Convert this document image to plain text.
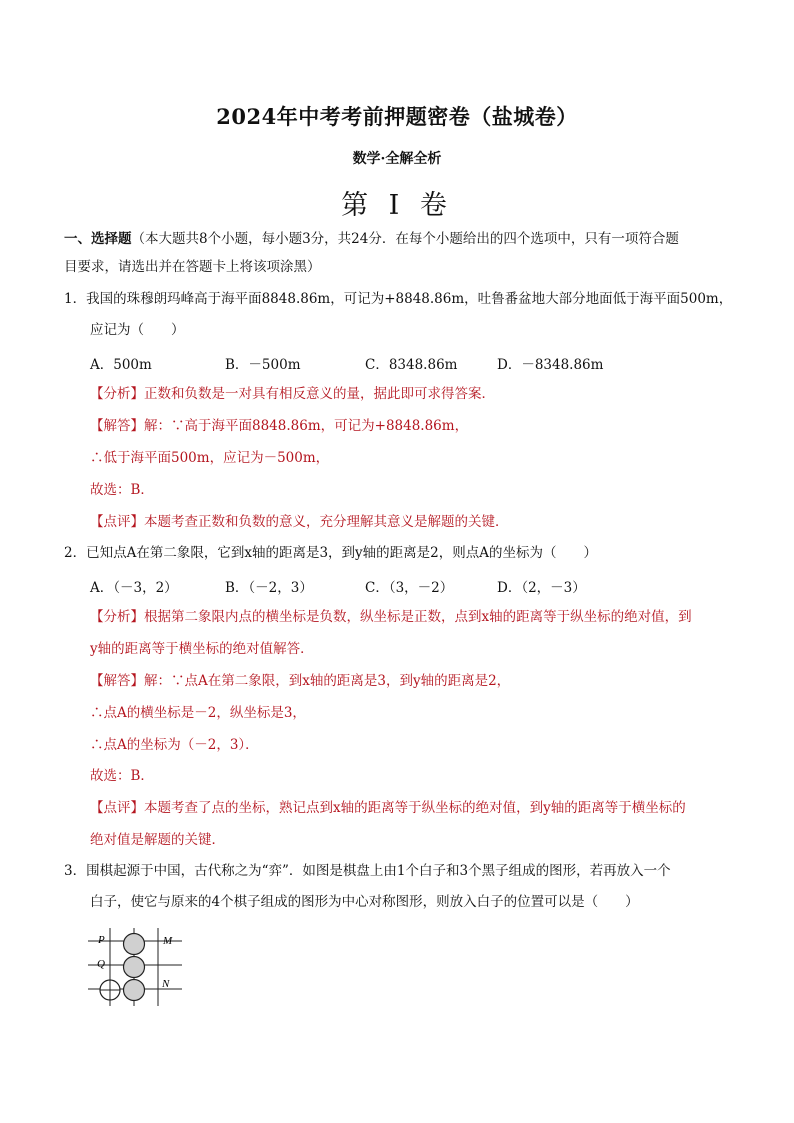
2024年中考考前押题密卷（盐城卷）
数学·全解全析
第 I 卷
一、选择题（本大题共8个小题，每小题3分，共24分．在每个小题给出的四个选项中，只有一项符合题
目要求，请选出并在答题卡上将该项涂黑）
1．我国的珠穆朗玛峰高于海平面8848.86m，可记为+8848.86m，吐鲁番盆地大部分地面低于海平面500m，
应记为（　　）
A．500m	B．－500m	C．8348.86m	D．－8348.86m
【分析】正数和负数是一对具有相反意义的量，据此即可求得答案．
【解答】解：∵高于海平面8848.86m，可记为+8848.86m，
∴低于海平面500m，应记为－500m，
故选：B．
【点评】本题考查正数和负数的意义，充分理解其意义是解题的关键．
2．已知点A在第二象限，它到x轴的距离是3，到y轴的距离是2，则点A的坐标为（　　）
A．（－3，2）	B．（－2，3）	C．（3，－2）	D．（2，－3）
【分析】根据第二象限内点的横坐标是负数，纵坐标是正数，点到x轴的距离等于纵坐标的绝对值，到
y轴的距离等于横坐标的绝对值解答．
【解答】解：∵点A在第二象限，到x轴的距离是3，到y轴的距离是2，
∴点A的横坐标是－2，纵坐标是3，
∴点A的坐标为（－2，3）．
故选：B．
【点评】本题考查了点的坐标，熟记点到x轴的距离等于纵坐标的绝对值，到y轴的距离等于横坐标的
绝对值是解题的关键．
3．围棋起源于中国，古代称之为“弈”．如图是棋盘上由1个白子和3个黑子组成的图形，若再放入一个
白子，使它与原来的4个棋子组成的图形为中心对称图形，则放入白子的位置可以是（　　）
P
Q
M
N
